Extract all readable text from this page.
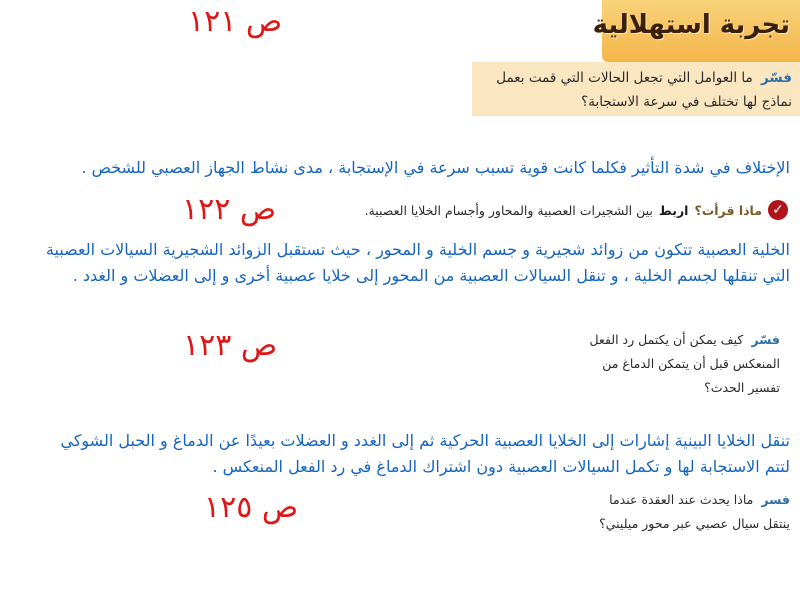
ص ١٢١
ص ١٢٢
ص ١٢٣
ص ١٢٥
تجربة استهلالية
فسّر ما العوامل التي تجعل الحالات التي قمت بعمل نماذج لها تختلف في سرعة الاستجابة؟
الإختلاف في شدة التأثير فكلما كانت قوية تسبب سرعة في الإستجابة ، مدى نشاط الجهاز العصبي للشخص .
✓
ماذا قرأت؟
اربط
بين الشجيرات العصبية والمحاور وأجسام الخلايا العصبية.
الخلية العصبية تتكون من زوائد شجيرية و جسم الخلية و المحور ، حيث تستقبل الزوائد الشجيرية السيالات العصبية التي تنقلها لجسم الخلية ، و تنقل السيالات العصبية من المحور إلى خلايا عصبية أخرى و إلى العضلات و الغدد .
فسّر كيف يمكن أن يكتمل رد الفعل المنعكس قبل أن يتمكن الدماغ من تفسير الحدث؟
تنقل الخلايا البينية إشارات إلى الخلايا العصبية الحركية ثم إلى الغدد و العضلات بعيدًا عن الدماغ و الحبل الشوكي لتتم الاستجابة لها و تكمل السيالات العصبية دون اشتراك الدماغ في رد الفعل المنعكس .
فسر ماذا يحدث عند العقدة عندما ينتقل سيال عصبي عبر محور ميليني؟
